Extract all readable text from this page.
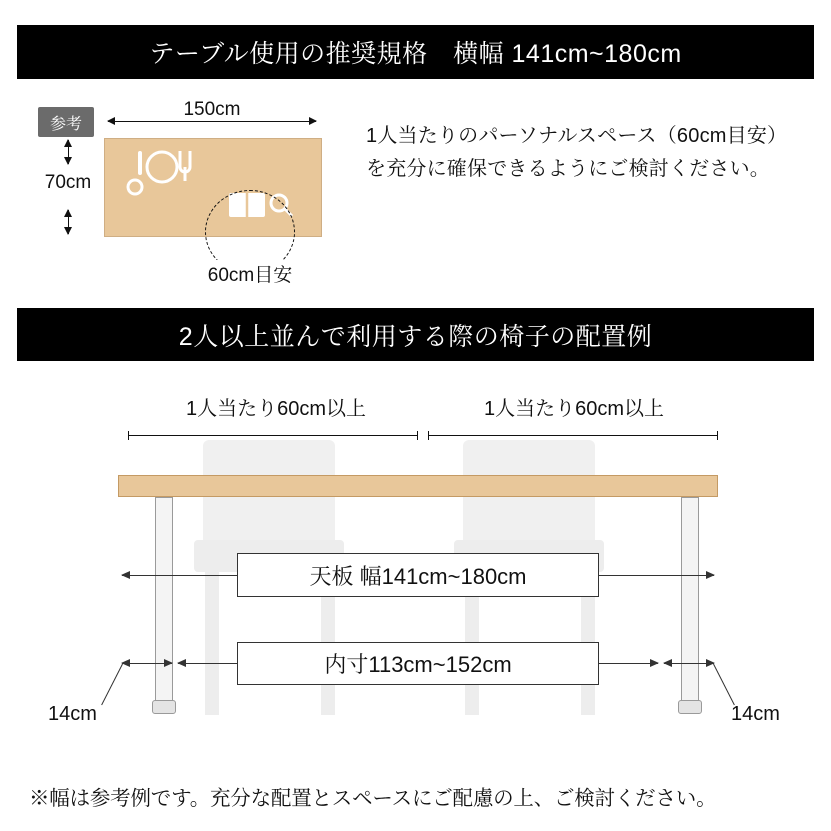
テーブル使用の推奨規格　横幅 141cm~180cm
参考
150cm
70cm
60cm目安
1人当たりのパーソナルスペース（60cm目安）を充分に確保できるようにご検討ください。
2人以上並んで利用する際の椅子の配置例
1人当たり60cm以上	1人当たり60cm以上
天板 幅141cm~180cm
内寸113cm~152cm
14cm	14cm
※幅は参考例です。充分な配置とスペースにご配慮の上、ご検討ください。
